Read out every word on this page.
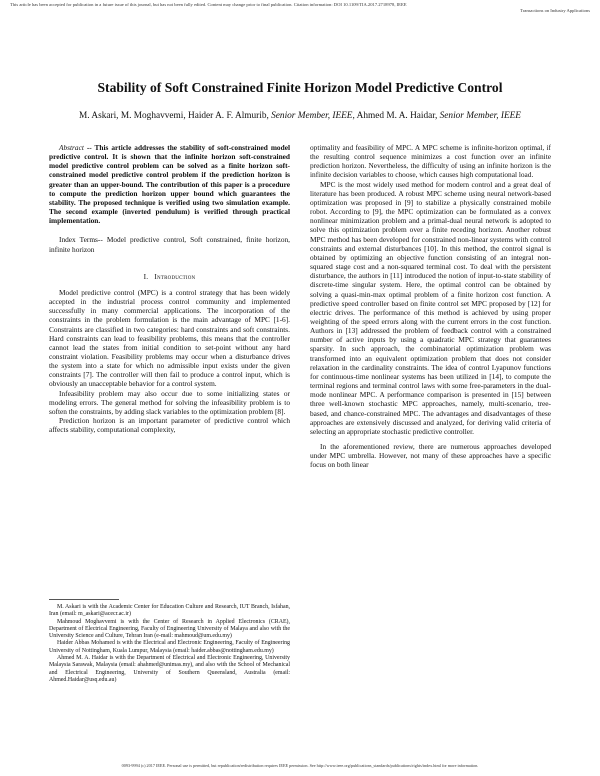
This article has been accepted for publication in a future issue of this journal, but has not been fully edited. Content may change prior to final publication. Citation information: DOI 10.1109/TIA.2017.2718978, IEEE
Transactions on Industry Applications
Stability of Soft Constrained Finite Horizon Model Predictive Control
M. Askari, M. Moghavvemi, Haider A. F. Almurib, Senior Member, IEEE, Ahmed M. A. Haidar, Senior Member, IEEE

Abstract -- This article addresses the stability of soft-constrained model predictive control. It is shown that the infinite horizon soft-constrained model predictive control problem can be solved as a finite horizon soft-constrained model predictive control problem if the prediction horizon is greater than an upper-bound. The contribution of this paper is a procedure to compute the prediction horizon upper bound which guarantees the stability. The proposed technique is verified using two simulation example. The second example (inverted pendulum) is verified through practical implementation.

Index Terms-- Model predictive control, Soft constrained, finite horizon, infinite horizon

I. Introduction

Model predictive control (MPC) is a control strategy that has been widely accepted in the industrial process control community and implemented successfully in many commercial applications. The incorporation of the constraints in the problem formulation is the main advantage of MPC [1-6]. Constraints are classified in two categories: hard constraints and soft constraints. Hard constraints can lead to feasibility problems, this means that the controller cannot lead the states from initial condition to set-point without any hard constraint violation. Feasibility problems may occur when a disturbance drives the system into a state for which no admissible input exists under the given constraints [7]. The controller will then fail to produce a control input, which is obviously an unacceptable behavior for a control system.

Infeasibility problem may also occur due to some initializing states or modeling errors. The general method for solving the infeasibility problem is to soften the constraints, by adding slack variables to the optimization problem [8].

Prediction horizon is an important parameter of predictive control which affects stability, computational complexity,

M. Askari is with the Academic Center for Education Culture and Research, IUT Branch, Isfahan, Iran (email: m_askari@acecr.ac.ir)

Mahmoud Moghavvemi is with the Center of Research in Applied Electronics (CRAE), Department of Electrical Engineering, Faculty of Engineering University of Malaya and also with the University Science and Culture, Tehran Iran (e-mail: mahmoud@um.edu.my)

Haider Abbas Mohamed is with the Electrical and Electronic Engineering, Faculty of Engineering University of Nottingham, Kuala Lumpur, Malaysia (email: haider.abbas@nottingham.edu.my)

Ahmed M. A. Haidar is with the Department of Electrical and Electronic Engineering, University Malaysia Sarawak, Malaysia (email: ahahmed@unimas.my), and also with the School of Mechanical and Electrical Engineering, University of Southern Queensland, Australia (email: Ahmed.Haidar@usq.edu.au)

optimality and feasibility of MPC. A MPC scheme is infinite-horizon optimal, if the resulting control sequence minimizes a cost function over an infinite prediction horizon. Nevertheless, the difficulty of using an infinite horizon is the infinite decision variables to choose, which causes high computational load.

MPC is the most widely used method for modern control and a great deal of literature has been produced. A robust MPC scheme using neural network-based optimization was proposed in [9] to stabilize a physically constrained mobile robot. According to [9], the MPC optimization can be formulated as a convex nonlinear minimization problem and a primal-dual neural network is adopted to solve this optimization problem over a finite receding horizon. Another robust MPC method has been developed for constrained non-linear systems with control constraints and external disturbances [10]. In this method, the control signal is obtained by optimizing an objective function consisting of an integral non-squared stage cost and a non-squared terminal cost. To deal with the persistent disturbance, the authors in [11] introduced the notion of input-to-state stability of discrete-time singular system. Here, the optimal control can be obtained by solving a quasi-min-max optimal problem of a finite horizon cost function. A predictive speed controller based on finite control set MPC proposed by [12] for electric drives. The performance of this method is achieved by using proper weighting of the speed errors along with the current errors in the cost function. Authors in [13] addressed the problem of feedback control with a constrained number of active inputs by using a quadratic MPC strategy that guarantees sparsity. In such approach, the combinatorial optimization problem was transformed into an equivalent optimization problem that does not consider relaxation in the cardinality constraints. The idea of control Lyapunov functions for continuous-time nonlinear systems has been utilized in [14], to compute the terminal regions and terminal control laws with some free-parameters in the dual-mode nonlinear MPC. A performance comparison is presented in [15] between three well-known stochastic MPC approaches, namely, multi-scenario, tree-based, and chance-constrained MPC. The advantages and disadvantages of these approaches are extensively discussed and analyzed, for deriving valid criteria of selecting an appropriate stochastic predictive controller.

In the aforementioned review, there are numerous approaches developed under MPC umbrella. However, not many of these approaches have a specific focus on both linear

0093-9994 (c) 2017 IEEE. Personal use is permitted, but republication/redistribution requires IEEE permission. See http://www.ieee.org/publications_standards/publications/rights/index.html for more information.
